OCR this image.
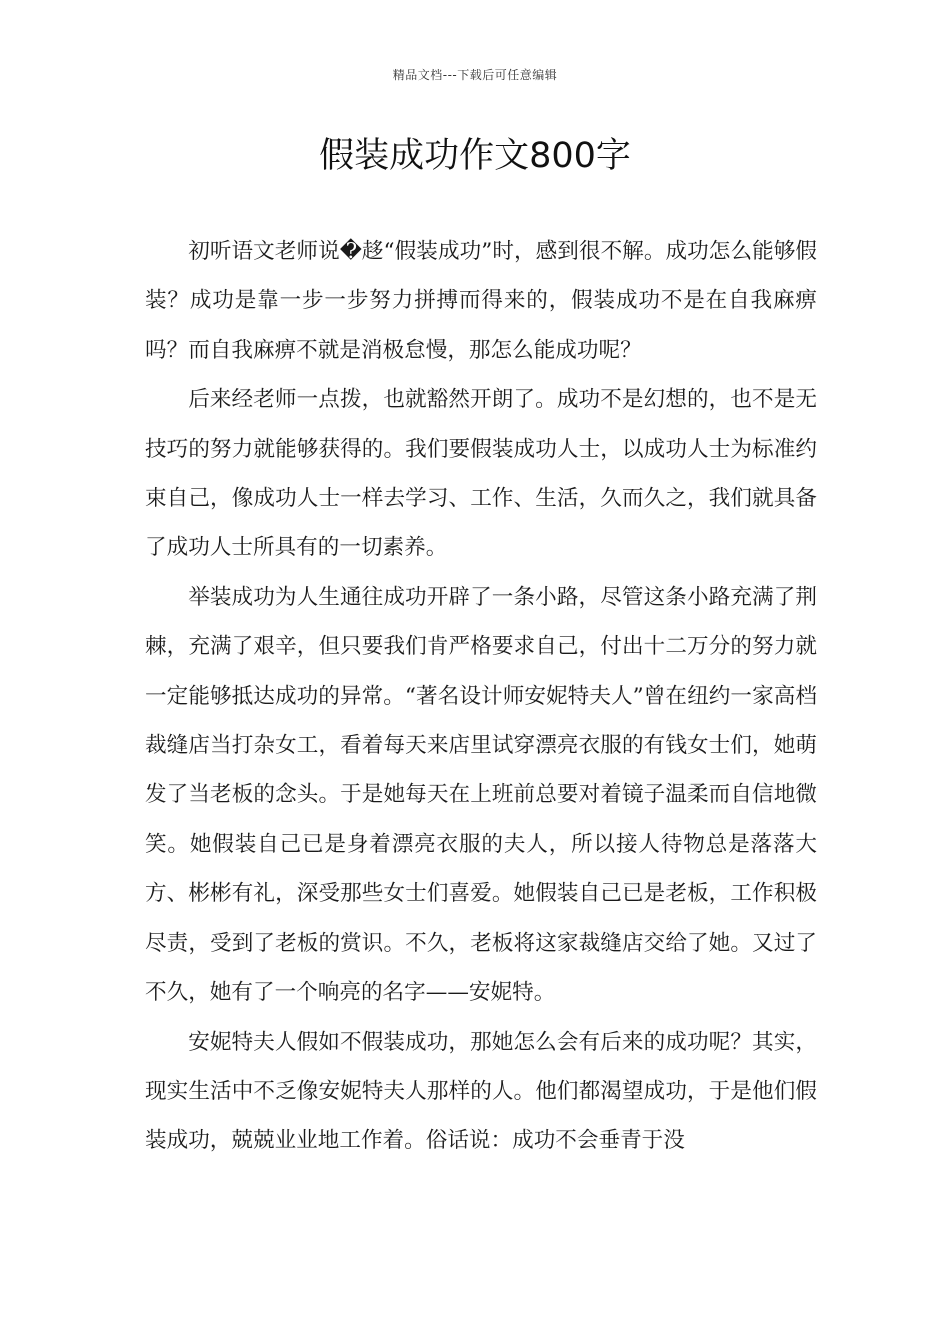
精品文档---下载后可任意编辑
假装成功作文800字

初听语文老师说�趍“假装成功”时，感到很不解。成功怎么能够假装？成功是靠一步一步努力拼搏而得来的，假装成功不是在自我麻痹吗？而自我麻痹不就是消极怠慢，那怎么能成功呢？

后来经老师一点拨，也就豁然开朗了。成功不是幻想的，也不是无技巧的努力就能够获得的。我们要假装成功人士，以成功人士为标准约束自己，像成功人士一样去学习、工作、生活，久而久之，我们就具备了成功人士所具有的一切素养。

举装成功为人生通往成功开辟了一条小路，尽管这条小路充满了荆棘，充满了艰辛，但只要我们肯严格要求自己，付出十二万分的努力就一定能够抵达成功的异常。“著名设计师安妮特夫人”曾在纽约一家高档裁缝店当打杂女工，看着每天来店里试穿漂亮衣服的有钱女士们，她萌发了当老板的念头。于是她每天在上班前总要对着镜子温柔而自信地微笑。她假装自己已是身着漂亮衣服的夫人，所以接人待物总是落落大方、彬彬有礼，深受那些女士们喜爱。她假装自己已是老板，工作积极尽责，受到了老板的赏识。不久，老板将这家裁缝店交给了她。又过了不久，她有了一个响亮的名字——安妮特。

安妮特夫人假如不假装成功，那她怎么会有后来的成功呢？其实，现实生活中不乏像安妮特夫人那样的人。他们都渴望成功，于是他们假装成功，兢兢业业地工作着。俗话说：成功不会垂青于没
